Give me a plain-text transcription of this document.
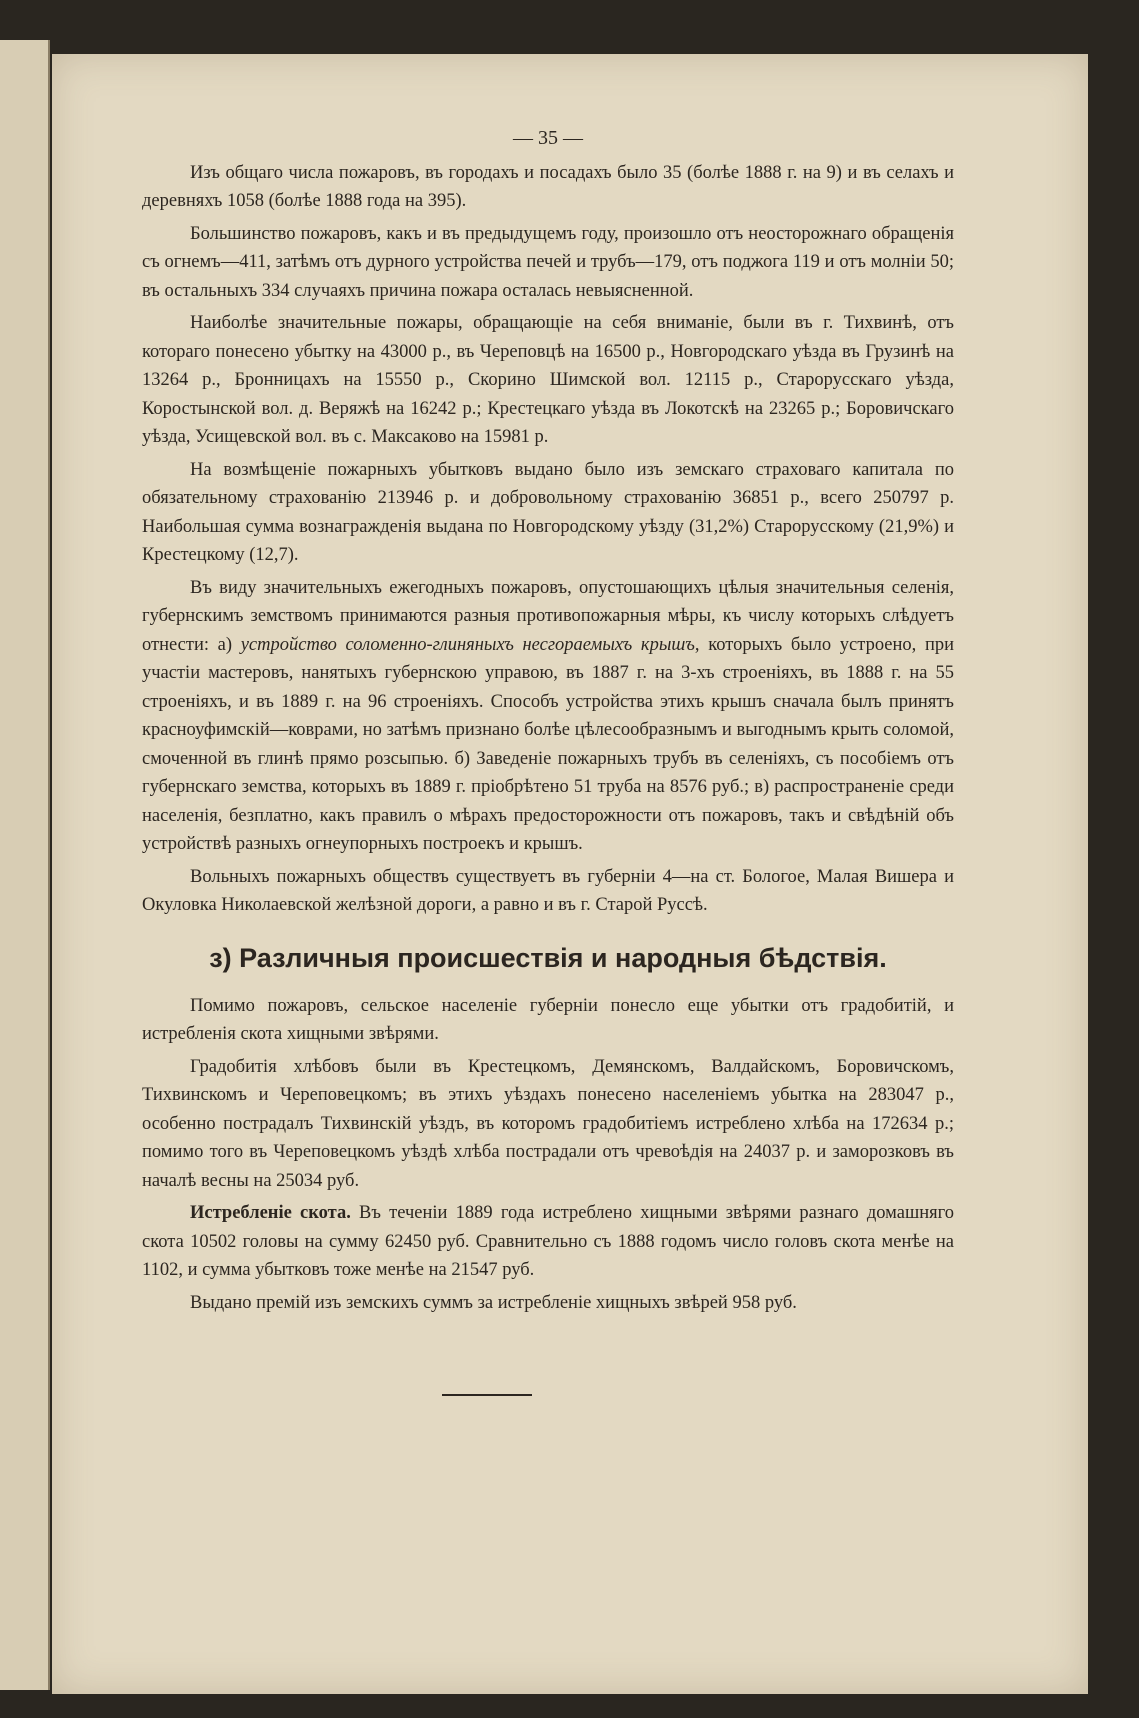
— 35 —

Изъ общаго числа пожаровъ, въ городахъ и посадахъ было 35 (болѣе 1888 г. на 9) и въ селахъ и деревняхъ 1058 (болѣе 1888 года на 395).

Большинство пожаровъ, какъ и въ предыдущемъ году, произошло отъ неосторожнаго обращенія съ огнемъ—411, затѣмъ отъ дурного устройства печей и трубъ—179, отъ поджога 119 и отъ молніи 50; въ остальныхъ 334 случаяхъ причина пожара осталась невыясненной.

Наиболѣе значительные пожары, обращающіе на себя вниманіе, были въ г. Тихвинѣ, отъ котораго понесено убытку на 43000 р., въ Череповцѣ на 16500 р., Новгородскаго уѣзда въ Грузинѣ на 13264 р., Бронницахъ на 15550 р., Скорино Шимской вол. 12115 р., Старорусскаго уѣзда, Коростынской вол. д. Веряжѣ на 16242 р.; Крестецкаго уѣзда въ Локотскѣ на 23265 р.; Боровичскаго уѣзда, Усищевской вол. въ с. Максаково на 15981 р.

На возмѣщеніе пожарныхъ убытковъ выдано было изъ земскаго страховаго капитала по обязательному страхованію 213946 р. и добровольному страхованію 36851 р., всего 250797 р. Наибольшая сумма вознагражденія выдана по Новгородскому уѣзду (31,2%) Старорусскому (21,9%) и Крестецкому (12,7).

Въ виду значительныхъ ежегодныхъ пожаровъ, опустошающихъ цѣлыя значительныя селенія, губернскимъ земствомъ принимаются разныя противопожарныя мѣры, къ числу которыхъ слѣдуетъ отнести: а) устройство соломенно-глиняныхъ несгораемыхъ крышъ, которыхъ было устроено, при участіи мастеровъ, нанятыхъ губернскою управою, въ 1887 г. на 3-хъ строеніяхъ, въ 1888 г. на 55 строеніяхъ, и въ 1889 г. на 96 строеніяхъ. Способъ устройства этихъ крышъ сначала былъ принятъ красноуфимскій—коврами, но затѣмъ признано болѣе цѣлесообразнымъ и выгоднымъ крыть соломой, смоченной въ глинѣ прямо розсыпью. б) Заведеніе пожарныхъ трубъ въ селеніяхъ, съ пособіемъ отъ губернскаго земства, которыхъ въ 1889 г. пріобрѣтено 51 труба на 8576 руб.; в) распространеніе среди населенія, безплатно, какъ правилъ о мѣрахъ предосторожности отъ пожаровъ, такъ и свѣдѣній объ устройствѣ разныхъ огнеупорныхъ построекъ и крышъ.

Вольныхъ пожарныхъ обществъ существуетъ въ губерніи 4—на ст. Бологое, Малая Вишера и Окуловка Николаевской желѣзной дороги, а равно и въ г. Старой Руссѣ.

з) Различныя происшествія и народныя бѣдствія.

Помимо пожаровъ, сельское населеніе губерніи понесло еще убытки отъ градобитій, и истребленія скота хищными звѣрями.

Градобитія хлѣбовъ были въ Крестецкомъ, Демянскомъ, Валдайскомъ, Боровичскомъ, Тихвинскомъ и Череповецкомъ; въ этихъ уѣздахъ понесено населеніемъ убытка на 283047 р., особенно пострадалъ Тихвинскій уѣздъ, въ которомъ градобитіемъ истреблено хлѣба на 172634 р.; помимо того въ Череповецкомъ уѣздѣ хлѣба пострадали отъ чревоѣдія на 24037 р. и заморозковъ въ началѣ весны на 25034 руб.

Истребленіе скота. Въ теченіи 1889 года истреблено хищными звѣрями разнаго домашняго скота 10502 головы на сумму 62450 руб. Сравнительно съ 1888 годомъ число головъ скота менѣе на 1102, и сумма убытковъ тоже менѣе на 21547 руб.

Выдано премій изъ земскихъ суммъ за истребленіе хищныхъ звѣрей 958 руб.
